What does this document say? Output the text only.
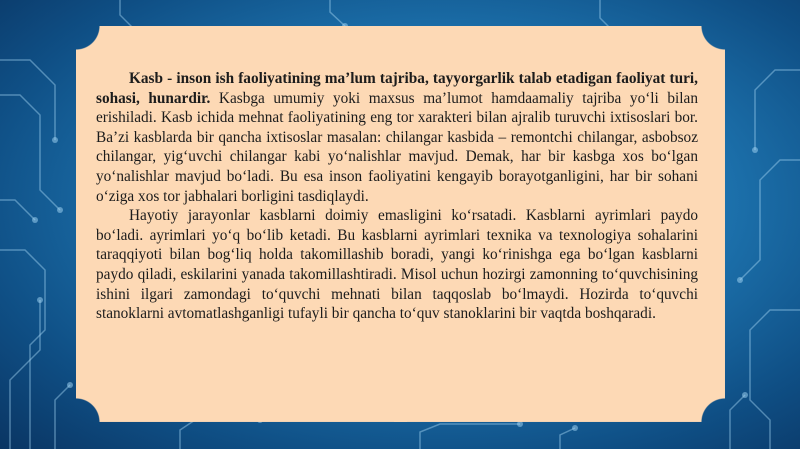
Kasb - inson ish faoliyatining ma’lum tajriba, tayyorgarlik talab etadigan faoliyat turi, sohasi, hunardir. Kasbga umumiy yoki maxsus ma’lumot hamdaamaliy tajriba yo‘li bilan erishiladi. Kasb ichida mehnat faoliyatining eng tor xarakteri bilan ajralib turuvchi ixtisoslari bor. Ba’zi kasblarda bir qancha ixtisoslar masalan: chilangar kasbida – remontchi chilangar, asbobsoz chilangar, yig‘uvchi chilangar kabi yo‘nalishlar mavjud. Demak, har bir kasbga xos bo‘lgan yo‘nalishlar mavjud bo‘ladi. Bu esa inson faoliyatini kengayib borayotganligini, har bir sohani o‘ziga xos tor jabhalari borligini tasdiqlaydi.

Hayotiy jarayonlar kasblarni doimiy emasligini ko‘rsatadi. Kasblarni ayrimlari paydo bo‘ladi. ayrimlari yo‘q bo‘lib ketadi. Bu kasblarni ayrimlari texnika va texnologiya sohalarini taraqqiyoti bilan bog‘liq holda takomillashib boradi, yangi ko‘rinishga ega bo‘lgan kasblarni paydo qiladi, eskilarini yanada takomillashtiradi. Misol uchun hozirgi zamonning to‘quvchisining ishini ilgari zamondagi to‘quvchi mehnati bilan taqqoslab bo‘lmaydi. Hozirda to‘quvchi stanoklarni avtomatlashganligi tufayli bir qancha to‘quv stanoklarini bir vaqtda boshqaradi.
